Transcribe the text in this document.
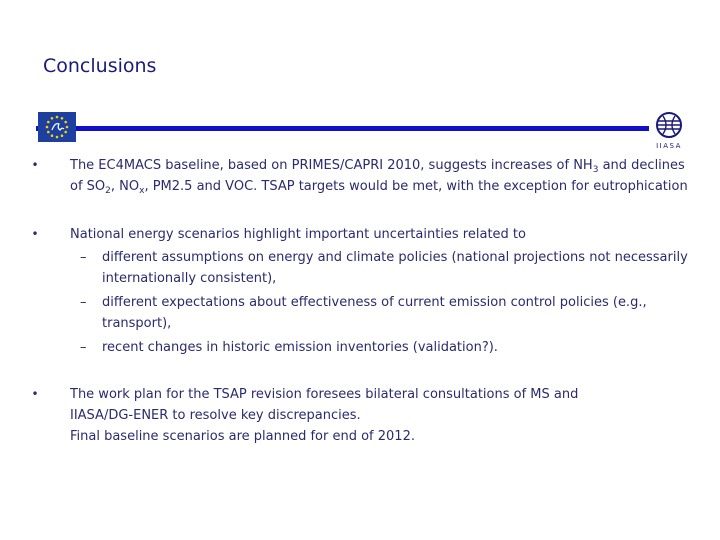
Conclusions
IIASA
• The EC4MACS baseline, based on PRIMES/CAPRI 2010, suggests increases of $NH_3$ and declines of $SO_2$, $NO_x$, PM2.5 and VOC. TSAP targets would be met, with the exception for eutrophication

• National energy scenarios highlight important uncertainties related to

– different assumptions on energy and climate policies (national projections not necessarily internationally consistent),

– different expectations about effectiveness of current emission control policies (e.g., transport),

– recent changes in historic emission inventories (validation?).

• The work plan for the TSAP revision foresees bilateral consultations of MS and IIASA/DG-ENER to resolve key discrepancies.

Final baseline scenarios are planned for end of 2012.
